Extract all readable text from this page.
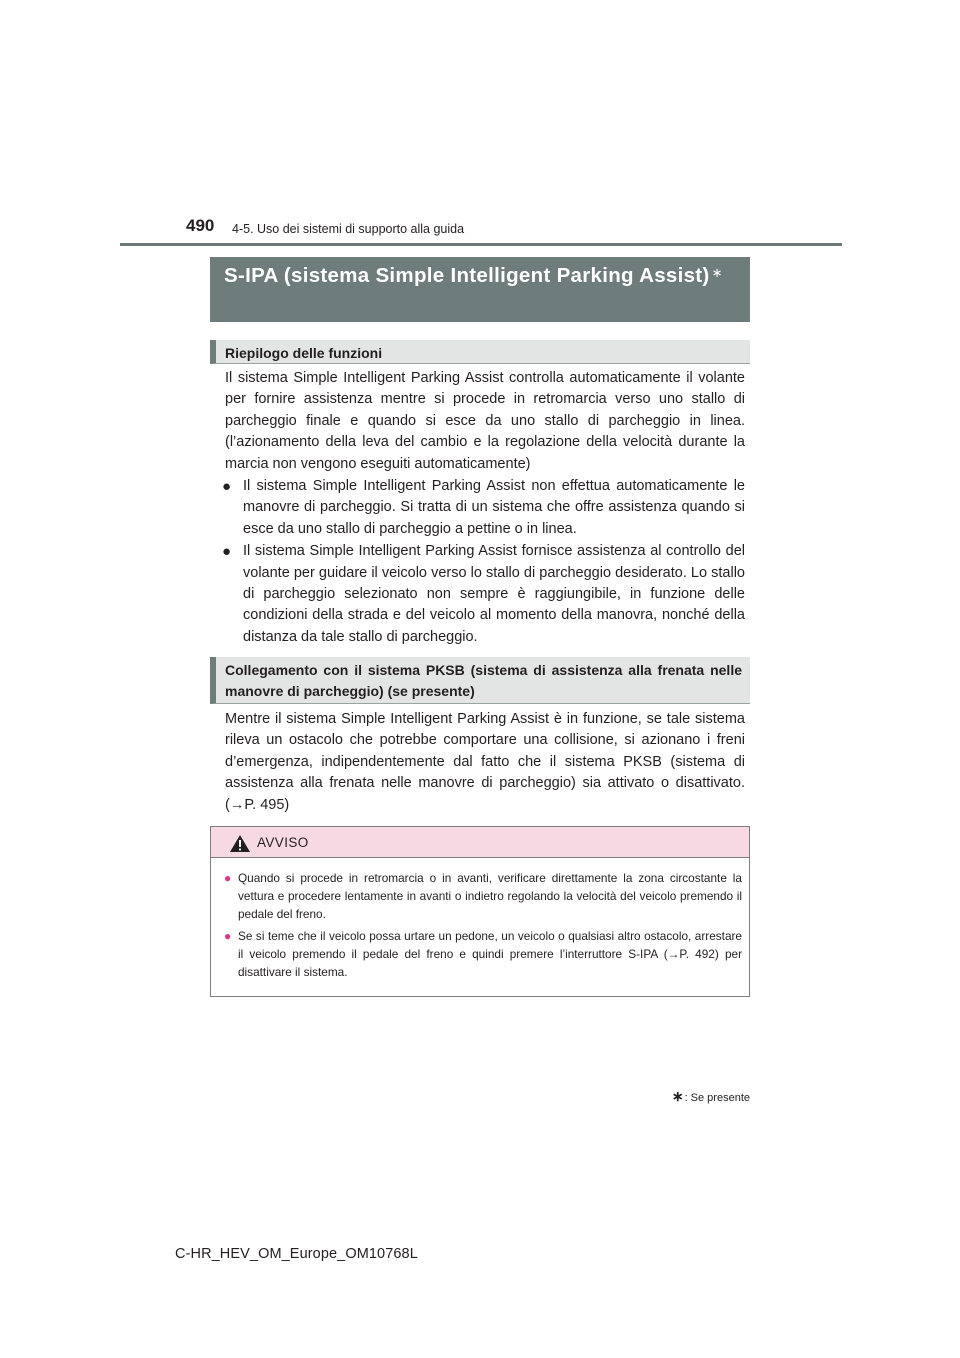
490 4-5. Uso dei sistemi di supporto alla guida
S-IPA (sistema Simple Intelligent Parking Assist) ∗
Riepilogo delle funzioni

Il sistema Simple Intelligent Parking Assist controlla automaticamente il volante per fornire assistenza mentre si procede in retromarcia verso uno stallo di parcheggio finale e quando si esce da uno stallo di parcheggio in linea. (l’azionamento della leva del cambio e la regolazione della velocità durante la marcia non vengono eseguiti automaticamente)

● Il sistema Simple Intelligent Parking Assist non effettua automaticamente le manovre di parcheggio. Si tratta di un sistema che offre assistenza quando si esce da uno stallo di parcheggio a pettine o in linea.
● Il sistema Simple Intelligent Parking Assist fornisce assistenza al controllo del volante per guidare il veicolo verso lo stallo di parcheggio desiderato. Lo stallo di parcheggio selezionato non sempre è raggiungibile, in funzione delle condizioni della strada e del veicolo al momento della manovra, nonché della distanza da tale stallo di parcheggio.
Collegamento con il sistema PKSB (sistema di assistenza alla frenata nelle manovre di parcheggio) (se presente)

Mentre il sistema Simple Intelligent Parking Assist è in funzione, se tale sistema rileva un ostacolo che potrebbe comportare una collisione, si azionano i freni d’emergenza, indipendentemente dal fatto che il sistema PKSB (sistema di assistenza alla frenata nelle manovre di parcheggio) sia attivato o disattivato. (→P. 495)

AVVISO
● Quando si procede in retromarcia o in avanti, verificare direttamente la zona circostante la vettura e procedere lentamente in avanti o indietro regolando la velocità del veicolo premendo il pedale del freno.
● Se si teme che il veicolo possa urtare un pedone, un veicolo o qualsiasi altro ostacolo, arrestare il veicolo premendo il pedale del freno e quindi premere l’interruttore S-IPA (→P. 492) per disattivare il sistema.
∗: Se presente
C-HR_HEV_OM_Europe_OM10768L
